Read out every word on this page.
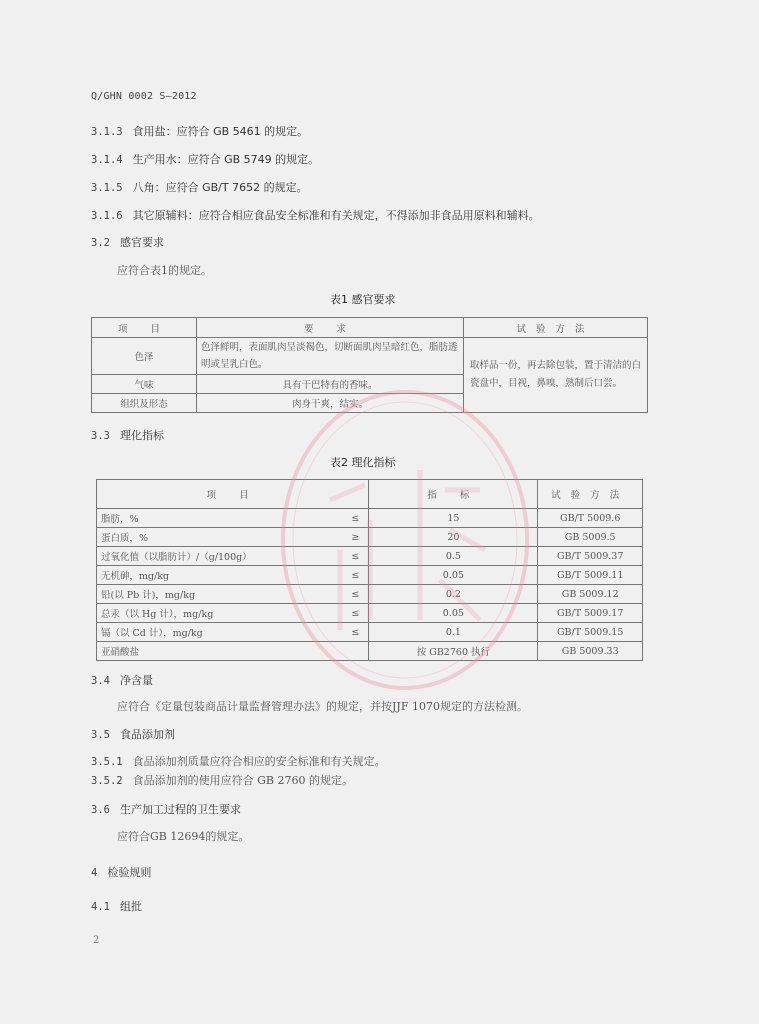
Q/GHN 0002 S—2012
3.1.3 食用盐：应符合 GB 5461 的规定。
3.1.4 生产用水：应符合 GB 5749 的规定。
3.1.5 八角：应符合 GB/T 7652 的规定。
3.1.6 其它原辅料：应符合相应食品安全标准和有关规定，不得添加非食品用原料和辅料。
3.2 感官要求
应符合表1的规定。
表1 感官要求
项 目	要 求	试验方法
色泽	色泽鲜明，表面肌肉呈淡褐色，切断面肌肉呈暗红色，脂肪透明或呈乳白色。	取样品一份，再去除包装，置于清洁的白瓷盘中，目视，鼻嗅，熟制后口尝。
气味	具有干巴特有的香味。	
组织及形态	肉身干爽，结实。	
3.3 理化指标
表2 理化指标
项 目		指 标	试验方法
脂肪，%	≤	15	GB/T 5009.6
蛋白质，%	≥	20	GB 5009.5
过氧化值（以脂肪计）/（g/100g）	≤	0.5	GB/T 5009.37
无机砷，mg/kg	≤	0.05	GB/T 5009.11
铅(以 Pb 计)，mg/kg	≤	0.2	GB 5009.12
总汞（以 Hg 计），mg/kg	≤	0.05	GB/T 5009.17
镉（以 Cd 计），mg/kg	≤	0.1	GB/T 5009.15
亚硝酸盐		按 GB2760 执行	GB 5009.33
3.4 净含量
应符合《定量包装商品计量监督管理办法》的规定，并按JJF 1070规定的方法检测。
3.5 食品添加剂
3.5.1 食品添加剂质量应符合相应的安全标准和有关规定。
3.5.2 食品添加剂的使用应符合 GB 2760 的规定。
3.6 生产加工过程的卫生要求
应符合GB 12694的规定。
4 检验规则
4.1 组批
2
